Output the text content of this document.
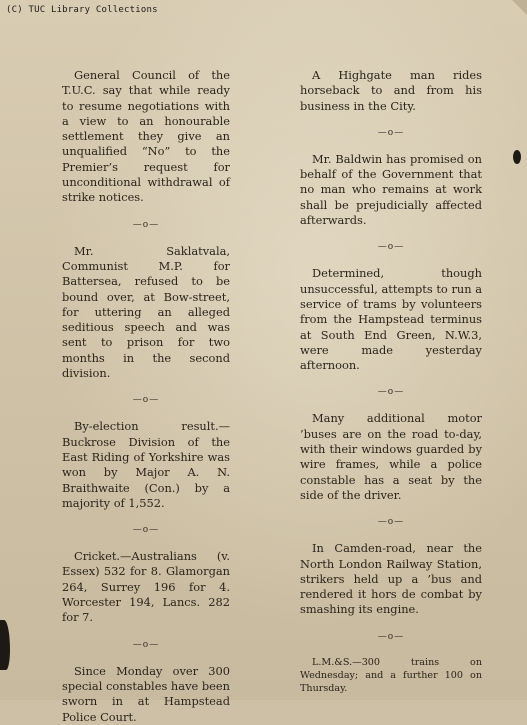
(C) TUC Library Collections

General Council of the T.U.C. say that while ready to resume negotiations with a view to an honourable settlement they give an unqualified “No” to the Premier’s request for unconditional withdrawal of strike notices.

—o—

Mr. Saklatvala, Communist M.P. for Battersea, refused to be bound over, at Bow-street, for uttering an alleged seditious speech and was sent to prison for two months in the second division.

—o—

By-election result.— Buckrose Division of the East Riding of Yorkshire was won by Major A. N. Braithwaite (Con.) by a majority of 1,552.

—o—

Cricket.—Australians (v. Essex) 532 for 8. Glamorgan 264, Surrey 196 for 4. Worcester 194, Lancs. 282 for 7.

—o—

Since Monday over 300 special constables have been sworn in at Hampstead Police Court.

A Highgate man rides horseback to and from his business in the City.

—o—

Mr. Baldwin has promised on behalf of the Government that no man who remains at work shall be prejudicially affected afterwards.

—o—

Determined, though unsuccessful, attempts to run a service of trams by volunteers from the Hampstead terminus at South End Green, N.W.3, were made yesterday afternoon.

—o—

Many additional motor ’buses are on the road to-day, with their windows guarded by wire frames, while a police constable has a seat by the side of the driver.

—o—

In Camden-road, near the North London Railway Station, strikers held up a ’bus and rendered it hors de combat by smashing its engine.

—o—

L.M.&S.—300 trains on Wednesday; and a further 100 on Thursday.
